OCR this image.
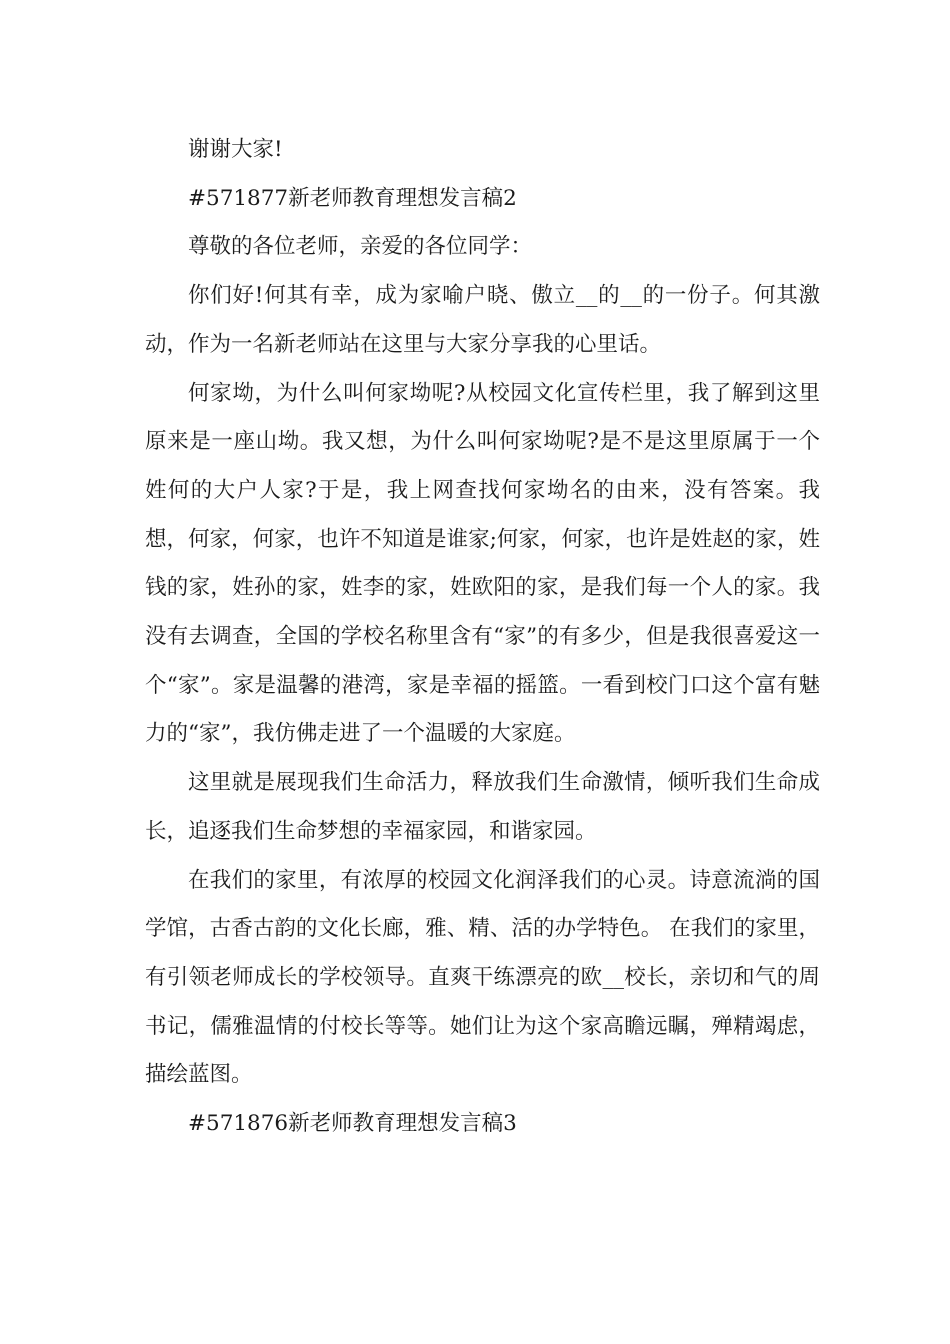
谢谢大家!

#571877新老师教育理想发言稿2

尊敬的各位老师，亲爱的各位同学：

你们好!何其有幸，成为家喻户晓、傲立__的__的一份子。何其激动，作为一名新老师站在这里与大家分享我的心里话。

何家坳，为什么叫何家坳呢?从校园文化宣传栏里，我了解到这里原来是一座山坳。我又想，为什么叫何家坳呢?是不是这里原属于一个姓何的大户人家?于是，我上网查找何家坳名的由来，没有答案。我想，何家，何家，也许不知道是谁家;何家，何家，也许是姓赵的家，姓钱的家，姓孙的家，姓李的家，姓欧阳的家，是我们每一个人的家。我没有去调查，全国的学校名称里含有“家”的有多少，但是我很喜爱这一个“家”。家是温馨的港湾，家是幸福的摇篮。一看到校门口这个富有魅力的“家”，我仿佛走进了一个温暖的大家庭。

这里就是展现我们生命活力，释放我们生命激情，倾听我们生命成长，追逐我们生命梦想的幸福家园，和谐家园。

在我们的家里，有浓厚的校园文化润泽我们的心灵。诗意流淌的国学馆，古香古韵的文化长廊，雅、精、活的办学特色。 在我们的家里，有引领老师成长的学校领导。直爽干练漂亮的欧__校长，亲切和气的周书记，儒雅温情的付校长等等。她们让为这个家高瞻远瞩，殚精竭虑，描绘蓝图。

#571876新老师教育理想发言稿3
